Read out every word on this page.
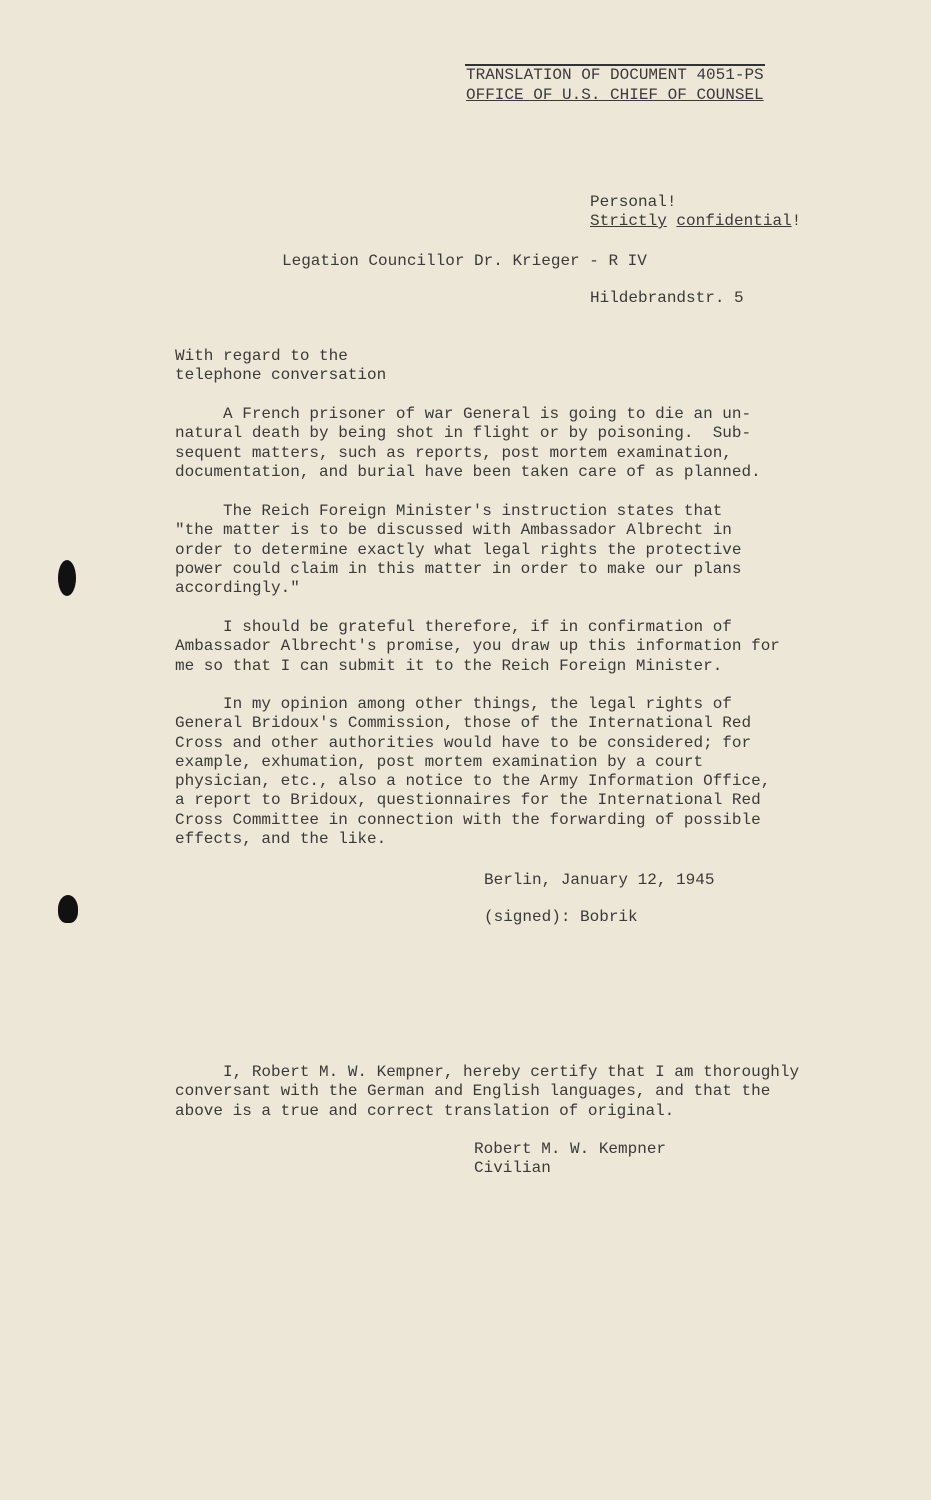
TRANSLATION OF DOCUMENT 4051-PS
OFFICE OF U.S. CHIEF OF COUNSEL
Personal!
Strictly confidential!
Legation Councillor Dr. Krieger - R IV
Hildebrandstr. 5
With regard to the
telephone conversation
A French prisoner of war General is going to die an un-
natural death by being shot in flight or by poisoning.  Sub-
sequent matters, such as reports, post mortem examination,
documentation, and burial have been taken care of as planned.
The Reich Foreign Minister's instruction states that
"the matter is to be discussed with Ambassador Albrecht in
order to determine exactly what legal rights the protective
power could claim in this matter in order to make our plans
accordingly."
I should be grateful therefore, if in confirmation of
Ambassador Albrecht's promise, you draw up this information for
me so that I can submit it to the Reich Foreign Minister.
In my opinion among other things, the legal rights of
General Bridoux's Commission, those of the International Red
Cross and other authorities would have to be considered; for
example, exhumation, post mortem examination by a court
physician, etc., also a notice to the Army Information Office,
a report to Bridoux, questionnaires for the International Red
Cross Committee in connection with the forwarding of possible
effects, and the like.
Berlin, January 12, 1945
(signed): Bobrik
I, Robert M. W. Kempner, hereby certify that I am thoroughly
conversant with the German and English languages, and that the
above is a true and correct translation of original.
Robert M. W. Kempner
Civilian
